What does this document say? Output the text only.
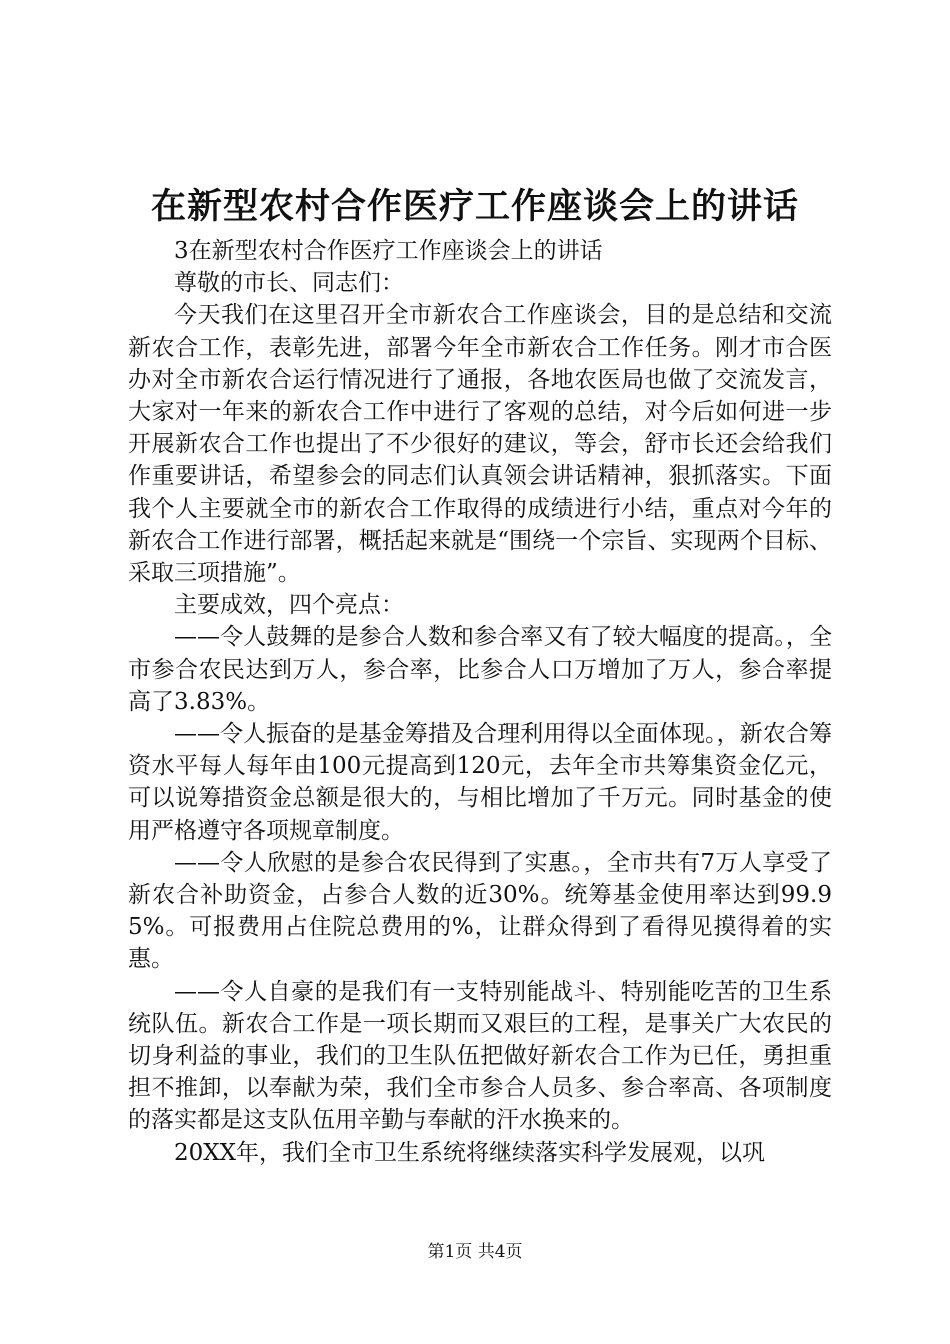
在新型农村合作医疗工作座谈会上的讲话

3在新型农村合作医疗工作座谈会上的讲话

尊敬的市长、同志们：

今天我们在这里召开全市新农合工作座谈会，目的是总结和交流新农合工作，表彰先进，部署今年全市新农合工作任务。刚才市合医办对全市新农合运行情况进行了通报，各地农医局也做了交流发言，大家对一年来的新农合工作中进行了客观的总结，对今后如何进一步开展新农合工作也提出了不少很好的建议，等会，舒市长还会给我们作重要讲话，希望参会的同志们认真领会讲话精神，狠抓落实。下面我个人主要就全市的新农合工作取得的成绩进行小结，重点对今年的新农合工作进行部署，概括起来就是“围绕一个宗旨、实现两个目标、采取三项措施”。

主要成效，四个亮点：

——令人鼓舞的是参合人数和参合率又有了较大幅度的提高。，全市参合农民达到万人，参合率，比参合人口万增加了万人，参合率提高了3.83%。

——令人振奋的是基金筹措及合理利用得以全面体现。，新农合筹资水平每人每年由100元提高到120元，去年全市共筹集资金亿元，可以说筹措资金总额是很大的，与相比增加了千万元。同时基金的使用严格遵守各项规章制度。

——令人欣慰的是参合农民得到了实惠。，全市共有7万人享受了新农合补助资金，占参合人数的近30%。统筹基金使用率达到99.95%。可报费用占住院总费用的%，让群众得到了看得见摸得着的实惠。

——令人自豪的是我们有一支特别能战斗、特别能吃苦的卫生系统队伍。新农合工作是一项长期而又艰巨的工程，是事关广大农民的切身利益的事业，我们的卫生队伍把做好新农合工作为已任，勇担重担不推卸，以奉献为荣，我们全市参合人员多、参合率高、各项制度的落实都是这支队伍用辛勤与奉献的汗水换来的。

20XX年，我们全市卫生系统将继续落实科学发展观，以巩

第1页 共4页
